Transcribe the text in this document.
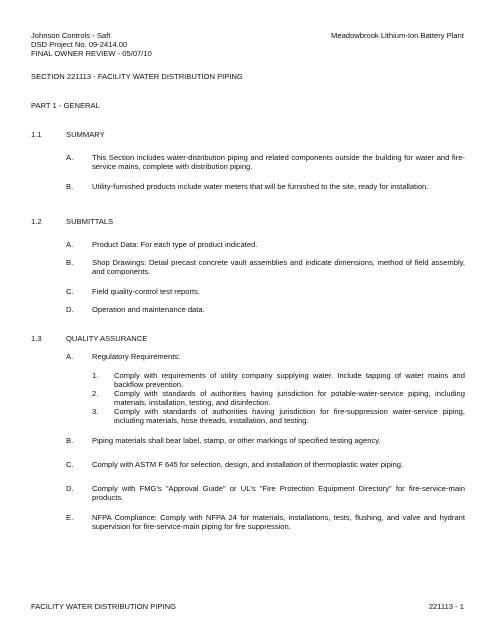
Johnson Controls - Saft
DSD Project No. 09-2414.00
FINAL OWNER REVIEW - 05/07/10
Meadowbrook Lithium-Ion Battery Plant
SECTION 221113 - FACILITY WATER DISTRIBUTION PIPING
PART 1 - GENERAL
1.1	SUMMARY
A. This Section includes water-distribution piping and related components outside the building for water and fire-service mains, complete with distribution piping.
B. Utility-furnished products include water meters that will be furnished to the site, ready for installation.
1.2	SUBMITTALS
A. Product Data: For each type of product indicated.
B. Shop Drawings: Detail precast concrete vault assemblies and indicate dimensions, method of field assembly, and components.
C. Field quality-control test reports.
D. Operation and maintenance data.
1.3	QUALITY ASSURANCE
A. Regulatory Requirements:
1. Comply with requirements of utility company supplying water. Include tapping of water mains and backflow prevention.
2. Comply with standards of authorities having jurisdiction for potable-water-service piping, including materials, installation, testing, and disinfection.
3. Comply with standards of authorities having jurisdiction for fire-suppression water-service piping, including materials, hose threads, installation, and testing.
B. Piping materials shall bear label, stamp, or other markings of specified testing agency.
C. Comply with ASTM F 645 for selection, design, and installation of thermoplastic water piping.
D. Comply with FMG's "Approval Guide" or UL's "Fire Protection Equipment Directory" for fire-service-main products.
E. NFPA Compliance: Comply with NFPA 24 for materials, installations, tests, flushing, and valve and hydrant supervision for fire-service-main piping for fire suppression.
FACILITY WATER DISTRIBUTION PIPING	221113 - 1
